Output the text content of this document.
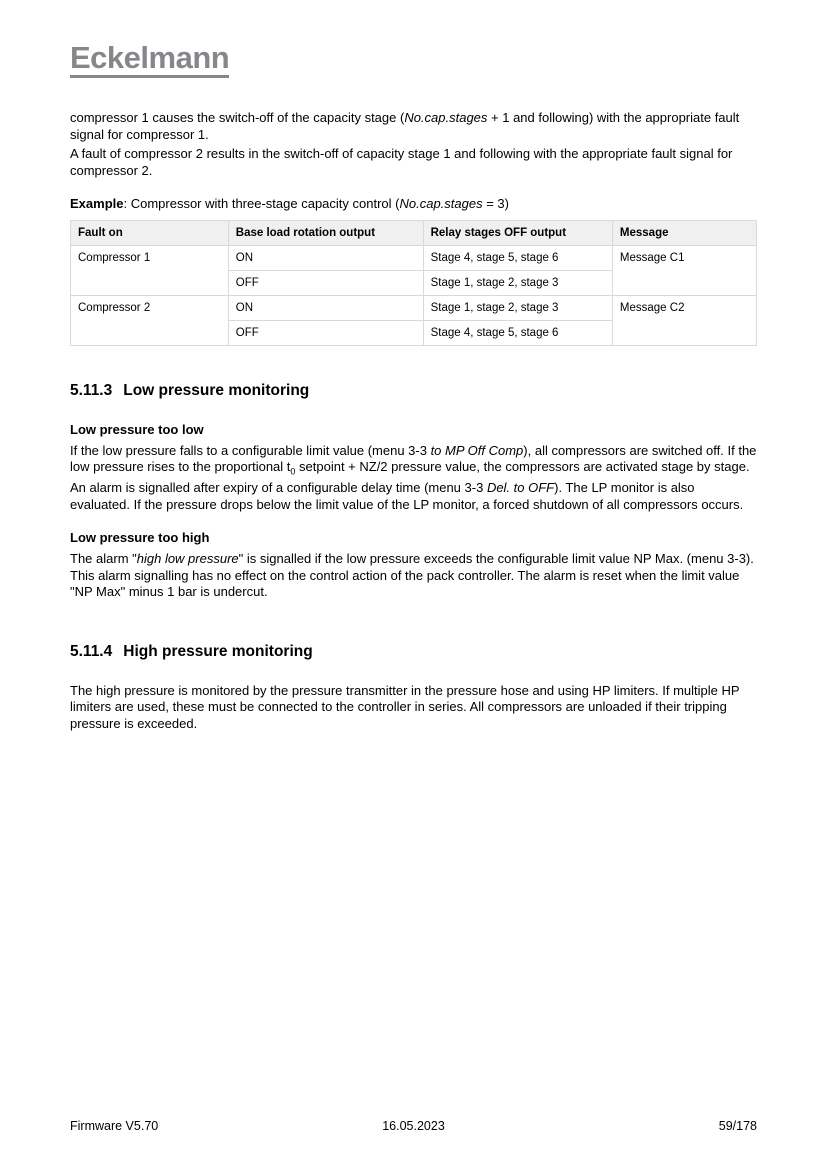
Eckelmann

compressor 1 causes the switch-off of the capacity stage (No.cap.stages + 1 and following) with the appropriate fault signal for compressor 1.

A fault of compressor 2 results in the switch-off of capacity stage 1 and following with the appropriate fault signal for compressor 2.

Example: Compressor with three-stage capacity control (No.cap.stages = 3)

Fault on	Base load rotation output	Relay stages OFF output	Message
Compressor 1	ON	Stage 4, stage 5, stage 6	Message C1
	OFF	Stage 1, stage 2, stage 3	
Compressor 2	ON	Stage 1, stage 2, stage 3	Message C2
	OFF	Stage 4, stage 5, stage 6	
5.11.3 Low pressure monitoring
Low pressure too low

If the low pressure falls to a configurable limit value (menu 3-3 to MP Off Comp), all compressors are switched off. If the low pressure rises to the proportional $t_0$ setpoint + NZ/2 pressure value, the compressors are activated stage by stage. An alarm is signalled after expiry of a configurable delay time (menu 3-3 Del. to OFF). The LP monitor is also evaluated. If the pressure drops below the limit value of the LP monitor, a forced shutdown of all compressors occurs.

Low pressure too high

The alarm "high low pressure" is signalled if the low pressure exceeds the configurable limit value NP Max. (menu 3-3). This alarm signalling has no effect on the control action of the pack controller. The alarm is reset when the limit value "NP Max" minus 1 bar is undercut.

5.11.4 High pressure monitoring

The high pressure is monitored by the pressure transmitter in the pressure hose and using HP limiters. If multiple HP limiters are used, these must be connected to the controller in series. All compressors are unloaded if their tripping pressure is exceeded.

Firmware V5.70	16.05.2023	59/178
